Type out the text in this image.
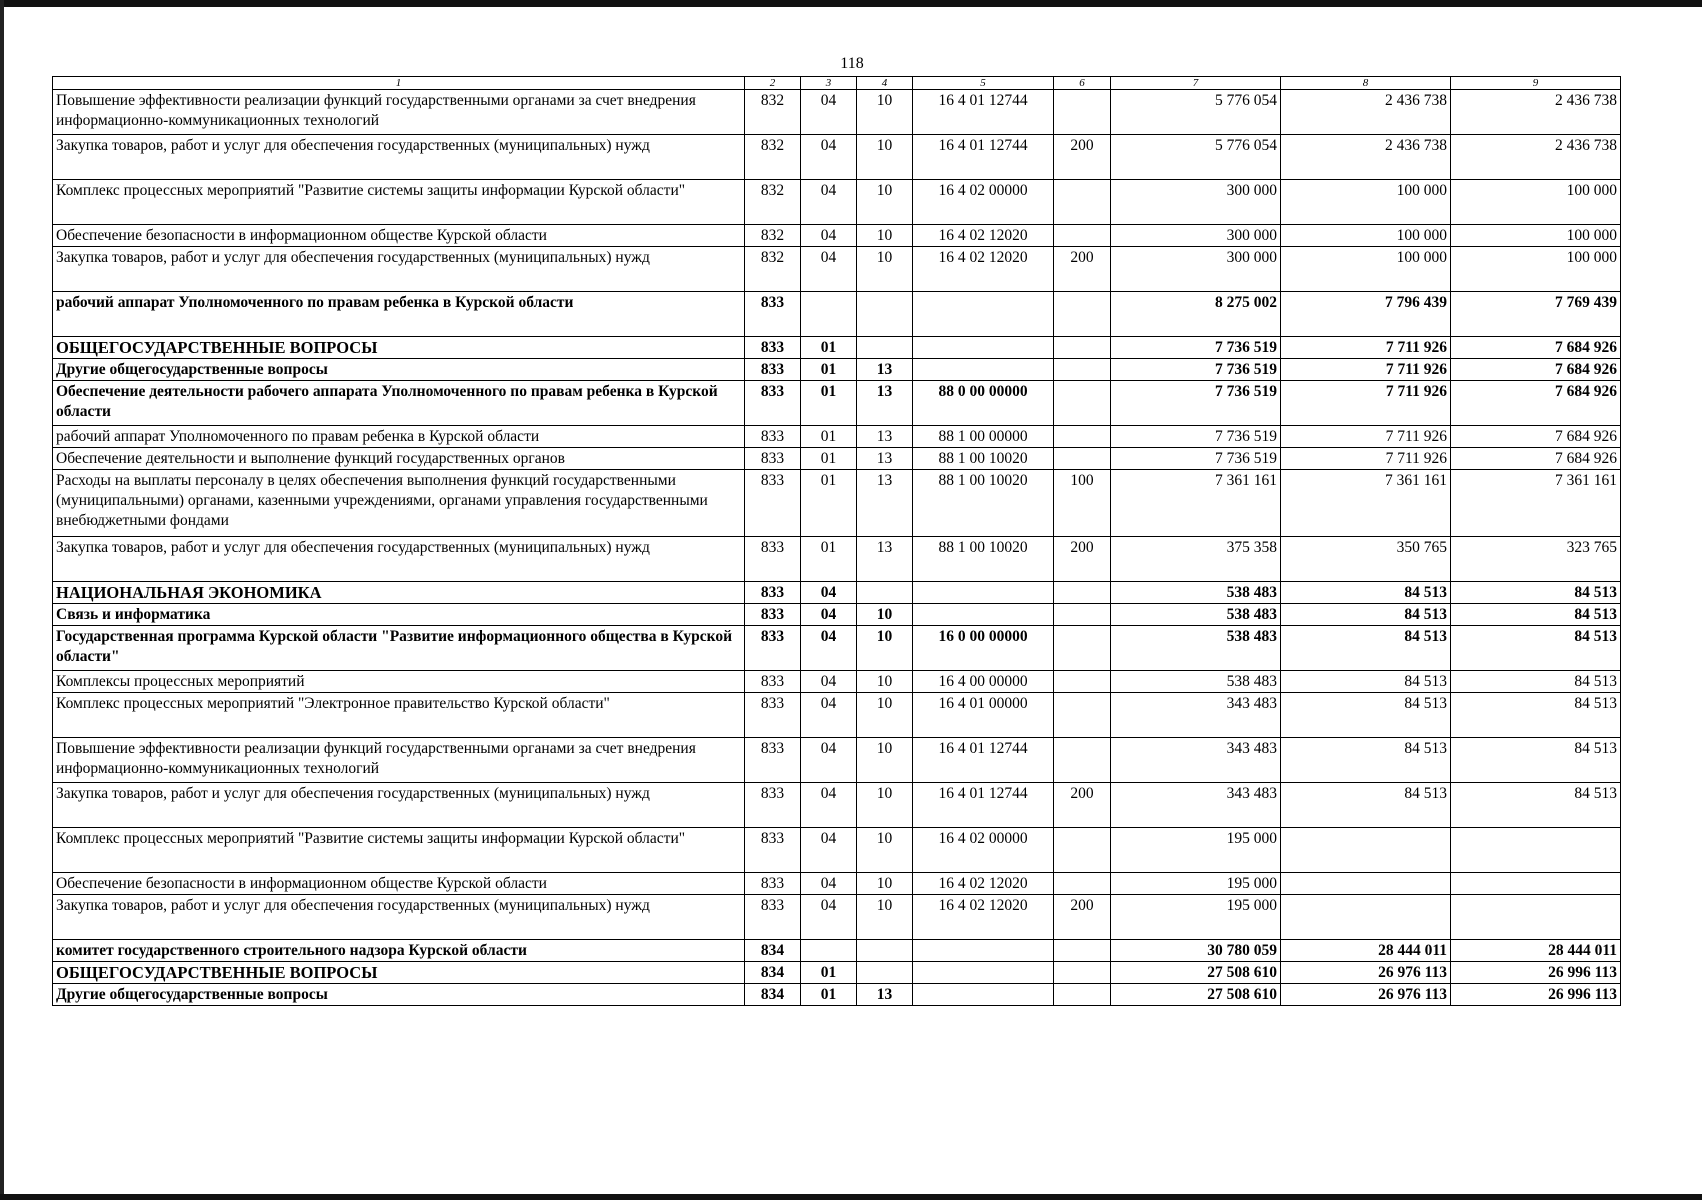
118
1	2	3	4	5	6	7	8	9
Повышение эффективности реализации функций государственными органами за счет внедрения информационно-коммуникационных технологий	832	04	10	16 4 01 12744		5 776 054	2 436 738	2 436 738
Закупка товаров, работ и услуг для обеспечения государственных (муниципальных) нужд	832	04	10	16 4 01 12744	200	5 776 054	2 436 738	2 436 738
Комплекс процессных мероприятий "Развитие системы защиты информации Курской области"	832	04	10	16 4 02 00000		300 000	100 000	100 000
Обеспечение безопасности в информационном обществе Курской области	832	04	10	16 4 02 12020		300 000	100 000	100 000
Закупка товаров, работ и услуг для обеспечения государственных (муниципальных) нужд	832	04	10	16 4 02 12020	200	300 000	100 000	100 000
рабочий аппарат Уполномоченного по правам ребенка в Курской области	833					8 275 002	7 796 439	7 769 439
ОБЩЕГОСУДАРСТВЕННЫЕ ВОПРОСЫ	833	01				7 736 519	7 711 926	7 684 926
Другие общегосударственные вопросы	833	01	13			7 736 519	7 711 926	7 684 926
Обеспечение деятельности рабочего аппарата Уполномоченного по правам ребенка в Курской области	833	01	13	88 0 00 00000		7 736 519	7 711 926	7 684 926
рабочий аппарат Уполномоченного по правам ребенка в Курской области	833	01	13	88 1 00 00000		7 736 519	7 711 926	7 684 926
Обеспечение деятельности и выполнение функций государственных органов	833	01	13	88 1 00 10020		7 736 519	7 711 926	7 684 926
Расходы на выплаты персоналу в целях обеспечения выполнения функций государственными (муниципальными) органами, казенными учреждениями, органами управления государственными внебюджетными фондами	833	01	13	88 1 00 10020	100	7 361 161	7 361 161	7 361 161
Закупка товаров, работ и услуг для обеспечения государственных (муниципальных) нужд	833	01	13	88 1 00 10020	200	375 358	350 765	323 765
НАЦИОНАЛЬНАЯ ЭКОНОМИКА	833	04				538 483	84 513	84 513
Связь и информатика	833	04	10			538 483	84 513	84 513
Государственная программа Курской области "Развитие информационного общества в Курской области"	833	04	10	16 0 00 00000		538 483	84 513	84 513
Комплексы процессных мероприятий	833	04	10	16 4 00 00000		538 483	84 513	84 513
Комплекс процессных мероприятий "Электронное правительство Курской области"	833	04	10	16 4 01 00000		343 483	84 513	84 513
Повышение эффективности реализации функций государственными органами за счет внедрения информационно-коммуникационных технологий	833	04	10	16 4 01 12744		343 483	84 513	84 513
Закупка товаров, работ и услуг для обеспечения государственных (муниципальных) нужд	833	04	10	16 4 01 12744	200	343 483	84 513	84 513
Комплекс процессных мероприятий "Развитие системы защиты информации Курской области"	833	04	10	16 4 02 00000		195 000		
Обеспечение безопасности в информационном обществе Курской области	833	04	10	16 4 02 12020		195 000		
Закупка товаров, работ и услуг для обеспечения государственных (муниципальных) нужд	833	04	10	16 4 02 12020	200	195 000		
комитет государственного строительного надзора Курской области	834					30 780 059	28 444 011	28 444 011
ОБЩЕГОСУДАРСТВЕННЫЕ ВОПРОСЫ	834	01				27 508 610	26 976 113	26 996 113
Другие общегосударственные вопросы	834	01	13			27 508 610	26 976 113	26 996 113
